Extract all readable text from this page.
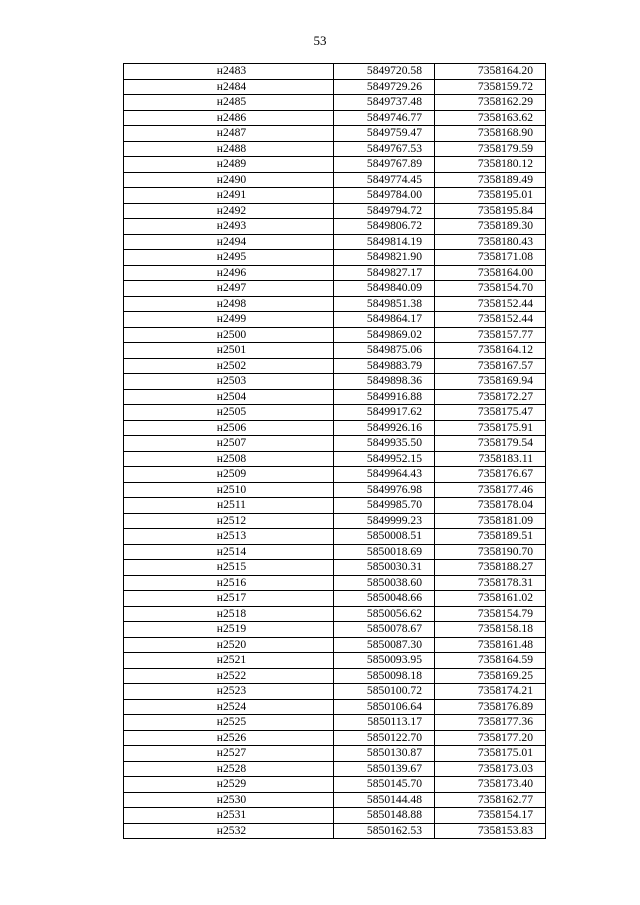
53
н2483	5849720.58	7358164.20
н2484	5849729.26	7358159.72
н2485	5849737.48	7358162.29
н2486	5849746.77	7358163.62
н2487	5849759.47	7358168.90
н2488	5849767.53	7358179.59
н2489	5849767.89	7358180.12
н2490	5849774.45	7358189.49
н2491	5849784.00	7358195.01
н2492	5849794.72	7358195.84
н2493	5849806.72	7358189.30
н2494	5849814.19	7358180.43
н2495	5849821.90	7358171.08
н2496	5849827.17	7358164.00
н2497	5849840.09	7358154.70
н2498	5849851.38	7358152.44
н2499	5849864.17	7358152.44
н2500	5849869.02	7358157.77
н2501	5849875.06	7358164.12
н2502	5849883.79	7358167.57
н2503	5849898.36	7358169.94
н2504	5849916.88	7358172.27
н2505	5849917.62	7358175.47
н2506	5849926.16	7358175.91
н2507	5849935.50	7358179.54
н2508	5849952.15	7358183.11
н2509	5849964.43	7358176.67
н2510	5849976.98	7358177.46
н2511	5849985.70	7358178.04
н2512	5849999.23	7358181.09
н2513	5850008.51	7358189.51
н2514	5850018.69	7358190.70
н2515	5850030.31	7358188.27
н2516	5850038.60	7358178.31
н2517	5850048.66	7358161.02
н2518	5850056.62	7358154.79
н2519	5850078.67	7358158.18
н2520	5850087.30	7358161.48
н2521	5850093.95	7358164.59
н2522	5850098.18	7358169.25
н2523	5850100.72	7358174.21
н2524	5850106.64	7358176.89
н2525	5850113.17	7358177.36
н2526	5850122.70	7358177.20
н2527	5850130.87	7358175.01
н2528	5850139.67	7358173.03
н2529	5850145.70	7358173.40
н2530	5850144.48	7358162.77
н2531	5850148.88	7358154.17
н2532	5850162.53	7358153.83
